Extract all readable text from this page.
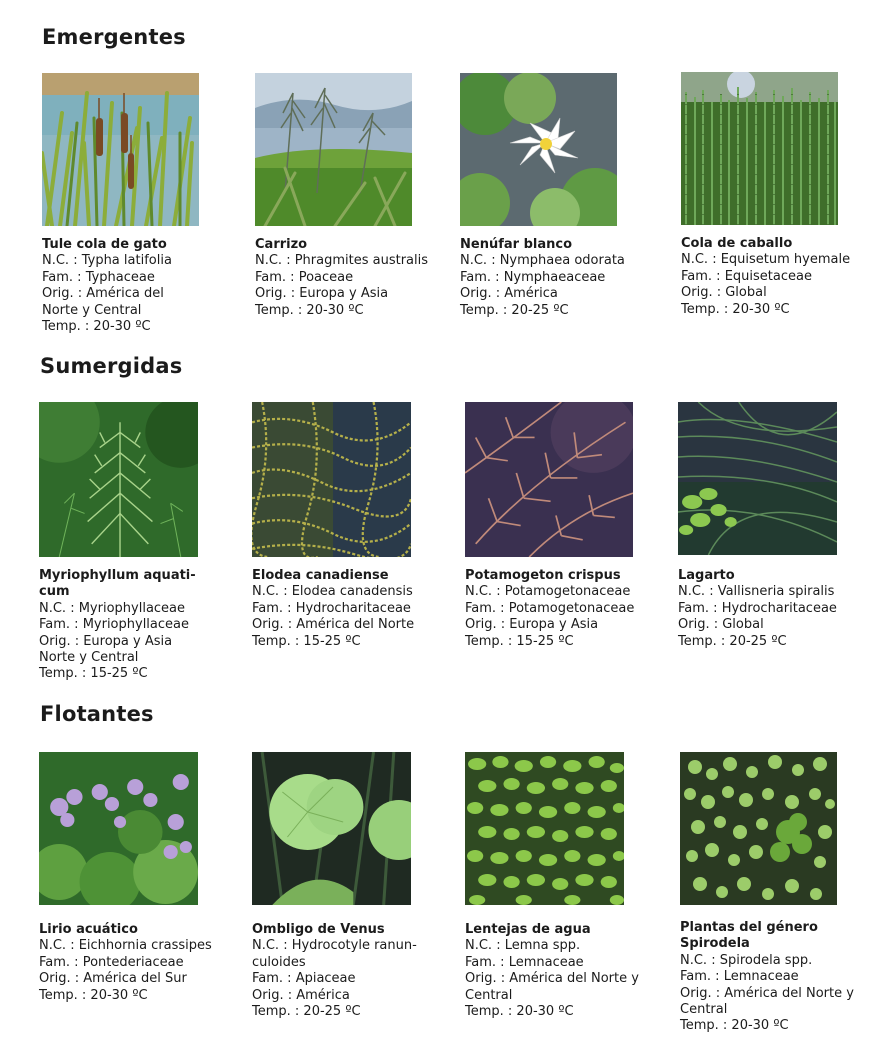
Emergentes
Sumergidas
Flotantes
Tule cola de gato
N.C. : Typha latifolia
Fam. : Typhaceae
Orig. : América del
Norte y Central
Temp. : 20-30 ºC
Carrizo
N.C. : Phragmites australis
Fam. : Poaceae
Orig. : Europa y Asia
Temp. : 20-30 ºC
Nenúfar blanco
N.C. : Nymphaea odorata
Fam. : Nymphaeaceae
Orig. : América
Temp. : 20-25 ºC
Cola de caballo
N.C. : Equisetum hyemale
Fam. : Equisetaceae
Orig. : Global
Temp. : 20-30 ºC
Myriophyllum aquati-
cum
N.C. : Myriophyllaceae
Fam. : Myriophyllaceae
Orig. : Europa y Asia
Norte y Central
Temp. : 15-25 ºC
Elodea canadiense
N.C. : Elodea canadensis
Fam. : Hydrocharitaceae
Orig. : América del Norte
Temp. : 15-25 ºC
Potamogeton crispus
N.C. : Potamogetonaceae
Fam. : Potamogetonaceae
Orig. : Europa y Asia
Temp. : 15-25 ºC
Lagarto
N.C. : Vallisneria spiralis
Fam. : Hydrocharitaceae
Orig. : Global
Temp. : 20-25 ºC
Lirio acuático
N.C. : Eichhornia crassipes
Fam. : Pontederiaceae
Orig. : América del Sur
Temp. : 20-30 ºC
Ombligo de Venus
N.C. : Hydrocotyle ranun-
culoides
Fam. : Apiaceae
Orig. : América
Temp. : 20-25 ºC
Lentejas de agua
N.C. : Lemna spp.
Fam. : Lemnaceae
Orig. : América del Norte y
Central
Temp. : 20-30 ºC
Plantas del género
Spirodela
N.C. : Spirodela spp.
Fam. : Lemnaceae
Orig. : América del Norte y
Central
Temp. : 20-30 ºC
